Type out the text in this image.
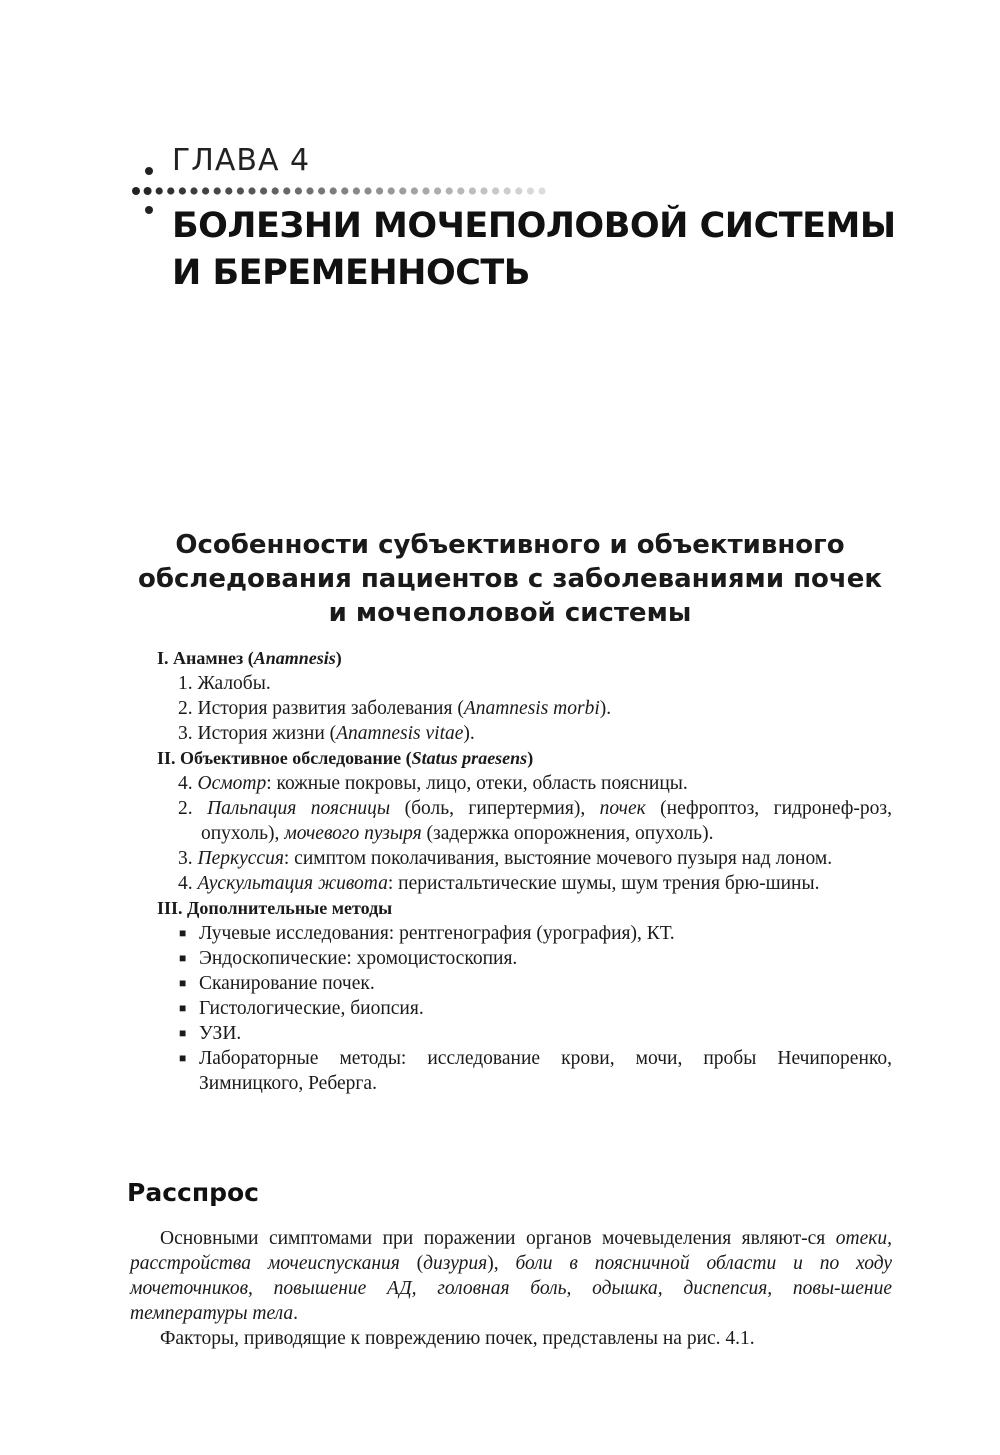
ГЛАВА 4
БОЛЕЗНИ МОЧЕПОЛОВОЙ СИСТЕМЫ
И БЕРЕМЕННОСТЬ
Особенности субъективного и объективного
обследования пациентов с заболеваниями почек
и мочеполовой системы
I. Анамнез (Anamnesis)
1. Жалобы.
2. История развития заболевания (Anamnesis morbi).
3. История жизни (Anamnesis vitae).
II. Объективное обследование (Status praesens)
4. Осмотр: кожные покровы, лицо, отеки, область поясницы.
2. Пальпация поясницы (боль, гипертермия), почек (нефроптоз, гидронеф-роз, опухоль), мочевого пузыря (задержка опорожнения, опухоль).
3. Перкуссия: симптом поколачивания, выстояние мочевого пузыря над лоном.
4. Аускультация живота: перистальтические шумы, шум трения брю-шины.
III. Дополнительные методы
■ Лучевые исследования: рентгенография (урография), КТ.
■ Эндоскопические: хромоцистоскопия.
■ Сканирование почек.
■ Гистологические, биопсия.
■ УЗИ.
■ Лабораторные методы: исследование крови, мочи, пробы Нечипоренко, Зимницкого, Реберга.
Расспрос

Основными симптомами при поражении органов мочевыделения являют-ся отеки, расстройства мочеиспускания (дизурия), боли в поясничной области и по ходу мочеточников, повышение АД, головная боль, одышка, диспепсия, повы-шение температуры тела.

Факторы, приводящие к повреждению почек, представлены на рис. 4.1.
